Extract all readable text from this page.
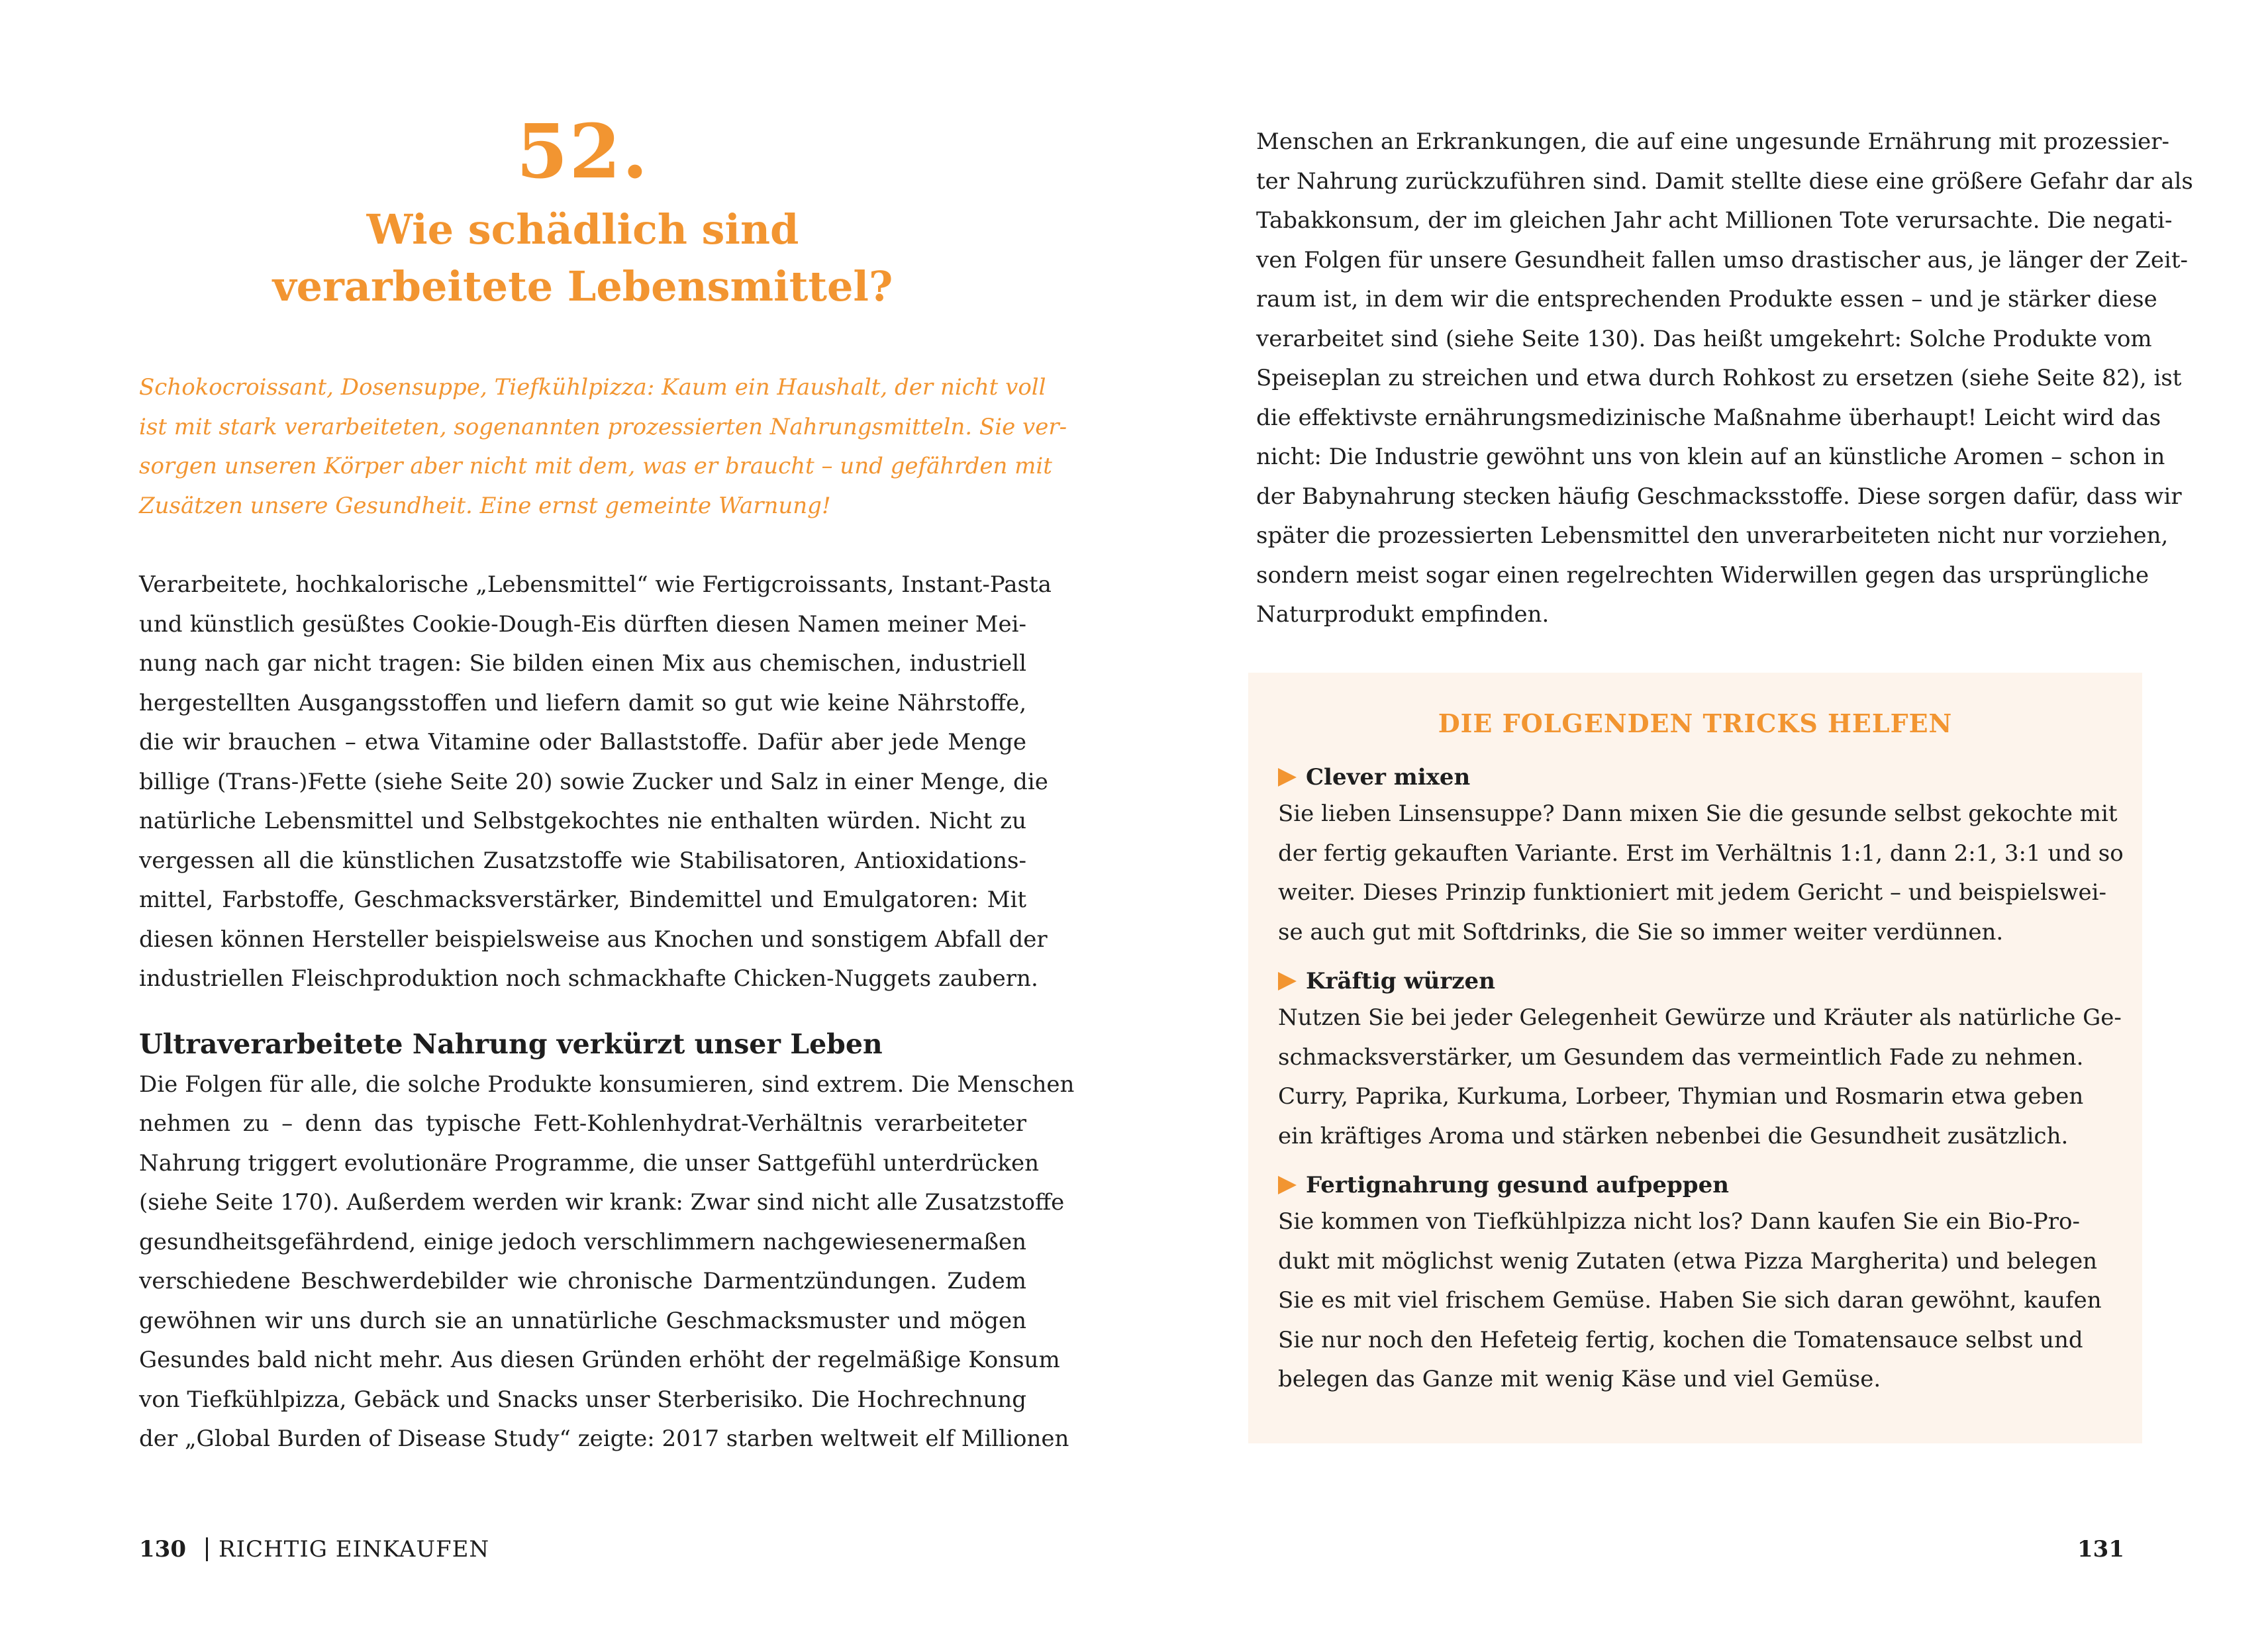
52.
Wie schädlich sind
verarbeitete Lebensmittel?
Schokocroissant, Dosensuppe, Tiefkühlpizza: Kaum ein Haushalt, der nicht voll
ist mit stark verarbeiteten, sogenannten prozessierten Nahrungsmitteln. Sie ver-
sorgen unseren Körper aber nicht mit dem, was er braucht – und gefährden mit
Zusätzen unsere Gesundheit. Eine ernst gemeinte Warnung!
Verarbeitete, hochkalorische „Lebensmittel“ wie Fertigcroissants, Instant-Pasta
und künstlich gesüßtes Cookie-Dough-Eis dürften diesen Namen meiner Mei-
nung nach gar nicht tragen: Sie bilden einen Mix aus chemischen, industriell
hergestellten Ausgangsstoffen und liefern damit so gut wie keine Nährstoffe,
die wir brauchen – etwa Vitamine oder Ballaststoffe. Dafür aber jede Menge
billige (Trans-)Fette (siehe Seite 20) sowie Zucker und Salz in einer Menge, die
natürliche Lebensmittel und Selbstgekochtes nie enthalten würden. Nicht zu
vergessen all die künstlichen Zusatzstoffe wie Stabilisatoren, Antioxidations-
mittel, Farbstoffe, Geschmacksverstärker, Bindemittel und Emulgatoren: Mit
diesen können Hersteller beispielsweise aus Knochen und sonstigem Abfall der
industriellen Fleischproduktion noch schmackhafte Chicken-Nuggets zaubern.
Ultraverarbeitete Nahrung verkürzt unser Leben
Die Folgen für alle, die solche Produkte konsumieren, sind extrem. Die Menschen
nehmen zu – denn das typische Fett-Kohlenhydrat-Verhältnis verarbeiteter
Nahrung triggert evolutionäre Programme, die unser Sattgefühl unterdrücken
(siehe Seite 170). Außerdem werden wir krank: Zwar sind nicht alle Zusatzstoffe
gesundheitsgefährdend, einige jedoch verschlimmern nachgewiesenermaßen
verschiedene Beschwerdebilder wie chronische Darmentzündungen. Zudem
gewöhnen wir uns durch sie an unnatürliche Geschmacksmuster und mögen
Gesundes bald nicht mehr. Aus diesen Gründen erhöht der regelmäßige Konsum
von Tiefkühlpizza, Gebäck und Snacks unser Sterberisiko. Die Hochrechnung
der „Global Burden of Disease Study“ zeigte: 2017 starben weltweit elf Millionen
130 RICHTIG EINKAUFEN
Menschen an Erkrankungen, die auf eine ungesunde Ernährung mit prozessier-
ter Nahrung zurückzuführen sind. Damit stellte diese eine größere Gefahr dar als
Tabakkonsum, der im gleichen Jahr acht Millionen Tote verursachte. Die negati-
ven Folgen für unsere Gesundheit fallen umso drastischer aus, je länger der Zeit-
raum ist, in dem wir die entsprechenden Produkte essen – und je stärker diese
verarbeitet sind (siehe Seite 130). Das heißt umgekehrt: Solche Produkte vom
Speiseplan zu streichen und etwa durch Rohkost zu ersetzen (siehe Seite 82), ist
die effektivste ernährungsmedizinische Maßnahme überhaupt! Leicht wird das
nicht: Die Industrie gewöhnt uns von klein auf an künstliche Aromen – schon in
der Babynahrung stecken häufig Geschmacksstoffe. Diese sorgen dafür, dass wir
später die prozessierten Lebensmittel den unverarbeiteten nicht nur vorziehen,
sondern meist sogar einen regelrechten Widerwillen gegen das ursprüngliche
Naturprodukt empfinden.
DIE FOLGENDEN TRICKS HELFEN
Clever mixen
Sie lieben Linsensuppe? Dann mixen Sie die gesunde selbst gekochte mit
der fertig gekauften Variante. Erst im Verhältnis 1:1, dann 2:1, 3:1 und so
weiter. Dieses Prinzip funktioniert mit jedem Gericht – und beispielswei-
se auch gut mit Softdrinks, die Sie so immer weiter verdünnen.
Kräftig würzen
Nutzen Sie bei jeder Gelegenheit Gewürze und Kräuter als natürliche Ge-
schmacksverstärker, um Gesundem das vermeintlich Fade zu nehmen.
Curry, Paprika, Kurkuma, Lorbeer, Thymian und Rosmarin etwa geben
ein kräftiges Aroma und stärken nebenbei die Gesundheit zusätzlich.
Fertignahrung gesund aufpeppen
Sie kommen von Tiefkühlpizza nicht los? Dann kaufen Sie ein Bio-Pro-
dukt mit möglichst wenig Zutaten (etwa Pizza Margherita) und belegen
Sie es mit viel frischem Gemüse. Haben Sie sich daran gewöhnt, kaufen
Sie nur noch den Hefeteig fertig, kochen die Tomatensauce selbst und
belegen das Ganze mit wenig Käse und viel Gemüse.
131
